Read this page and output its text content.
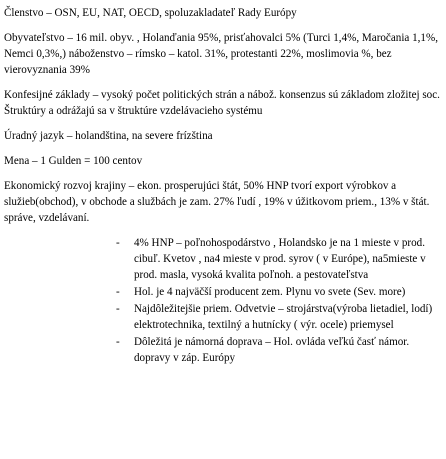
Členstvo – OSN, EU, NAT, OECD, spoluzakladateľ Rady Európy

Obyvateľstvo – 16 mil. obyv. , Holanďania 95%, prisťahovalci 5% (Turci 1,4%, Maročania 1,1%, Nemci 0,3%,) náboženstvo – rímsko – katol. 31%, protestanti 22%, moslimovia %, bez vierovyznania 39%

Konfesijné základy – vysoký počet politických strán a nábož. konsenzus sú základom zložitej soc. Štruktúry a odrážajú sa v štruktúre vzdelávacieho systému

Úradný jazyk – holandština, na severe frízština

Mena – 1 Gulden = 100 centov

Ekonomický rozvoj krajiny – ekon. prosperujúci štát, 50% HNP tvorí export výrobkov a služieb(obchod), v obchode a službách je zam. 27% ľudí , 19% v úžitkovom priem., 13% v štát. správe, vzdelávaní.

- 4% HNP – poľnohospodárstvo , Holandsko je na 1 mieste v prod. cibuľ. Kvetov , na4 mieste v prod. syrov ( v Európe), na5mieste v prod. masla, vysoká kvalita poľnoh. a pestovateľstva
- Hol. je 4 najväčší producent zem. Plynu vo svete (Sev. more)
- Najdôležitejšie priem. Odvetvie – strojárstva(výroba lietadiel, lodí) elektrotechnika, textilný a hutnícky ( výr. ocele) priemysel
- Dôležitá je námorná doprava – Hol. ovláda veľkú časť námor. dopravy v záp. Európy
